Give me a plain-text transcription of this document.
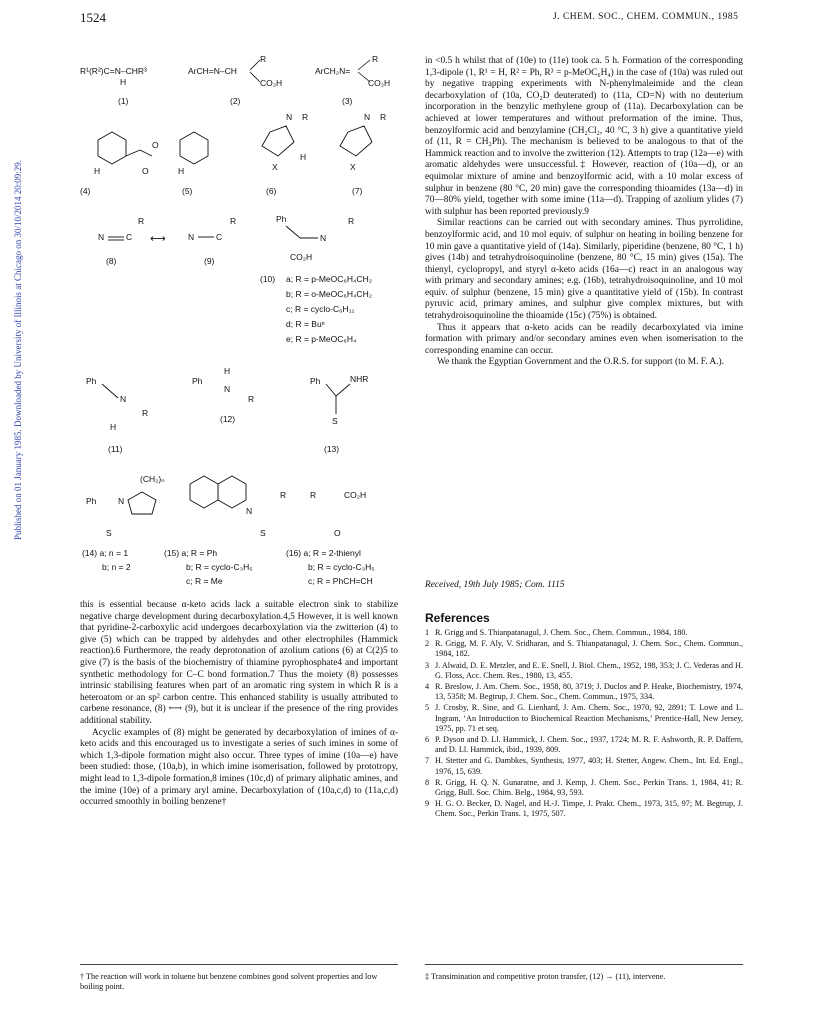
1524	J. CHEM. SOC., CHEM. COMMUN., 1985
Published on 01 January 1985. Downloaded by University of Illinois at Chicago on 30/10/2014 20:09:29.
R¹(R²)C=N–CHR³
H
ArCH=N–CH
R
CO₂H
ArCH₂N=
R
CO₂H
(1)	(2)	(3)
O
O
H
(4)
H
(5)
N R
X
H
(6)
N R
X
(7)
N	C
R
⟷	N	C
R
(8)	(9)
Ph
N
R
CO₂H
(10) a; R = p-MeOC₆H₄CH₂
b; R = o-MeOC₆H₄CH₂
c; R = cyclo-C₆H₁₁
d; R = Buⁿ
e; R = p-MeOC₆H₄
Ph
N
R
H
(11)
Ph
H
N
R
(12)
Ph	NHR
S
(13)
Ph
(CH₂)ₙ
N
S
N
R
S
R	CO₂H
O
(14) a; n = 1
b; n = 2
(15) a; R = Ph
b; R = cyclo-C₃H₅
c; R = Me
(16) a; R = 2-thienyl
b; R = cyclo-C₃H₅
c; R = PhCH=CH

this is essential because α-keto acids lack a suitable electron sink to stabilize negative charge development during decarboxylation.4,5 However, it is well known that pyridine-2-carboxylic acid undergoes decarboxylation via the zwitterion (4) to give (5) which can be trapped by aldehydes and other electrophiles (Hammick reaction).6 Furthermore, the ready deprotonation of azolium cations (6) at C(2)5 to give (7) is the basis of the biochemistry of thiamine pyrophosphate4 and important synthetic methodology for C–C bond formation.7 Thus the moiety (8) possesses intrinsic stabilising features when part of an aromatic ring system in which R is a heteroatom or an sp² carbon centre. This enhanced stability is usually attributed to carbene resonance, (8) ⟷ (9), but it is unclear if the presence of the ring provides additional stability.

Acyclic examples of (8) might be generated by decarboxylation of imines of α-keto acids and this encouraged us to investigate a series of such imines in some of which 1,3-dipole formation might also occur. Three types of imine (10a—e) have been studied: those, (10a,b), in which imine isomerisation, followed by prototropy, might lead to 1,3-dipole formation,8 imines (10c,d) of primary aliphatic amines, and the imine (10e) of a primary aryl amine. Decarboxylation of (10a,c,d) to (11a,c,d) occurred smoothly in boiling benzene†

in <0.5 h whilst that of (10e) to (11e) took ca. 5 h. Formation of the corresponding 1,3-dipole (1, R¹ = H, R² = Ph, R³ = p-MeOC₆H₄) in the case of (10a) was ruled out by negative trapping experiments with N-phenylmaleimide and the clean decarboxylation of (10a, CO₂D deuterated) to (11a, CD=N) with no deuterium incorporation in the benzylic methylene group of (11a). Decarboxylation can be achieved at lower temperatures and without preformation of the imine. Thus, benzoylformic acid and benzylamine (CH₂Cl₂, 40 °C, 3 h) give a quantitative yield of (11, R = CH₂Ph). The mechanism is believed to be analogous to that of the Hammick reaction and to involve the zwitterion (12). Attempts to trap (12a—e) with aromatic aldehydes were unsuccessful.‡ However, reaction of (10a—d), or an equimolar mixture of amine and benzoylformic acid, with a 10 molar excess of sulphur in benzene (80 °C, 20 min) gave the corresponding thioamides (13a—d) in 70—80% yield, together with some imine (11a—d). Trapping of azolium ylides (7) with sulphur has been reported previously.9

Similar reactions can be carried out with secondary amines. Thus pyrrolidine, benzoylformic acid, and 10 mol equiv. of sulphur on heating in boiling benzene for 10 min gave a quantitative yield of (14a). Similarly, piperidine (benzene, 80 °C, 1 h) gives (14b) and tetrahydroisoquinoline (benzene, 80 °C, 15 min) gives (15a). The thienyl, cyclopropyl, and styryl α-keto acids (16a—c) react in an analogous way with primary and secondary amines; e.g. (16b), tetrahydroisoquinoline, and 10 mol equiv. of sulphur (benzene, 15 min) give a quantitative yield of (15b). In contrast pyruvic acid, primary amines, and sulphur give complex mixtures, but with tetrahydroisoquinoline the thioamide (15c) (75%) is obtained.

Thus it appears that α-keto acids can be readily decarboxylated via imine formation with primary and/or secondary amines even when isomerisation to the corresponding enamine can occur.

We thank the Egyptian Government and the O.R.S. for support (to M. F. A.).

Received, 19th July 1985; Com. 1115
References
1 R. Grigg and S. Thianpatanagul, J. Chem. Soc., Chem. Commun., 1984, 180.
2 R. Grigg, M. F. Aly, V. Sridharan, and S. Thianpatanagul, J. Chem. Soc., Chem. Commun., 1984, 182.
3 J. Alwaid, D. E. Metzler, and E. E. Snell, J. Biol. Chem., 1952, 198, 353; J. C. Vederas and H. G. Floss, Acc. Chem. Res., 1980, 13, 455.
4 R. Breslow, J. Am. Chem. Soc., 1958, 80, 3719; J. Duclos and P. Heake, Biochemistry, 1974, 13, 5358; M. Begtrup, J. Chem. Soc., Chem. Commun., 1975, 334.
5 J. Crosby, R. Sine, and G. Lienhard, J. Am. Chem. Soc., 1970, 92, 2891; T. Lowe and L. Ingram, ‘An Introduction to Biochemical Reaction Mechanisms,’ Prentice-Hall, New Jersey, 1975, pp. 71 et seq.
6 P. Dyson and D. Ll. Hammick, J. Chem. Soc., 1937, 1724; M. R. F. Ashworth, R. P. Daffern, and D. Ll. Hammick, ibid., 1939, 809.
7 H. Stetter and G. Dambkes, Synthesis, 1977, 403; H. Stetter, Angew. Chem., Int. Ed. Engl., 1976, 15, 639.
8 R. Grigg, H. Q. N. Gunaratne, and J. Kemp, J. Chem. Soc., Perkin Trans. 1, 1984, 41; R. Grigg, Bull. Soc. Chim. Belg., 1984, 93, 593.
9 H. G. O. Becker, D. Nagel, and H.-J. Timpe, J. Prakt. Chem., 1973, 315, 97; M. Begtrup, J. Chem. Soc., Perkin Trans. 1, 1975, 507.
† The reaction will work in toluene but benzene combines good solvent properties and low boiling point.
‡ Transimination and competitive proton transfer, (12) → (11), intervene.
